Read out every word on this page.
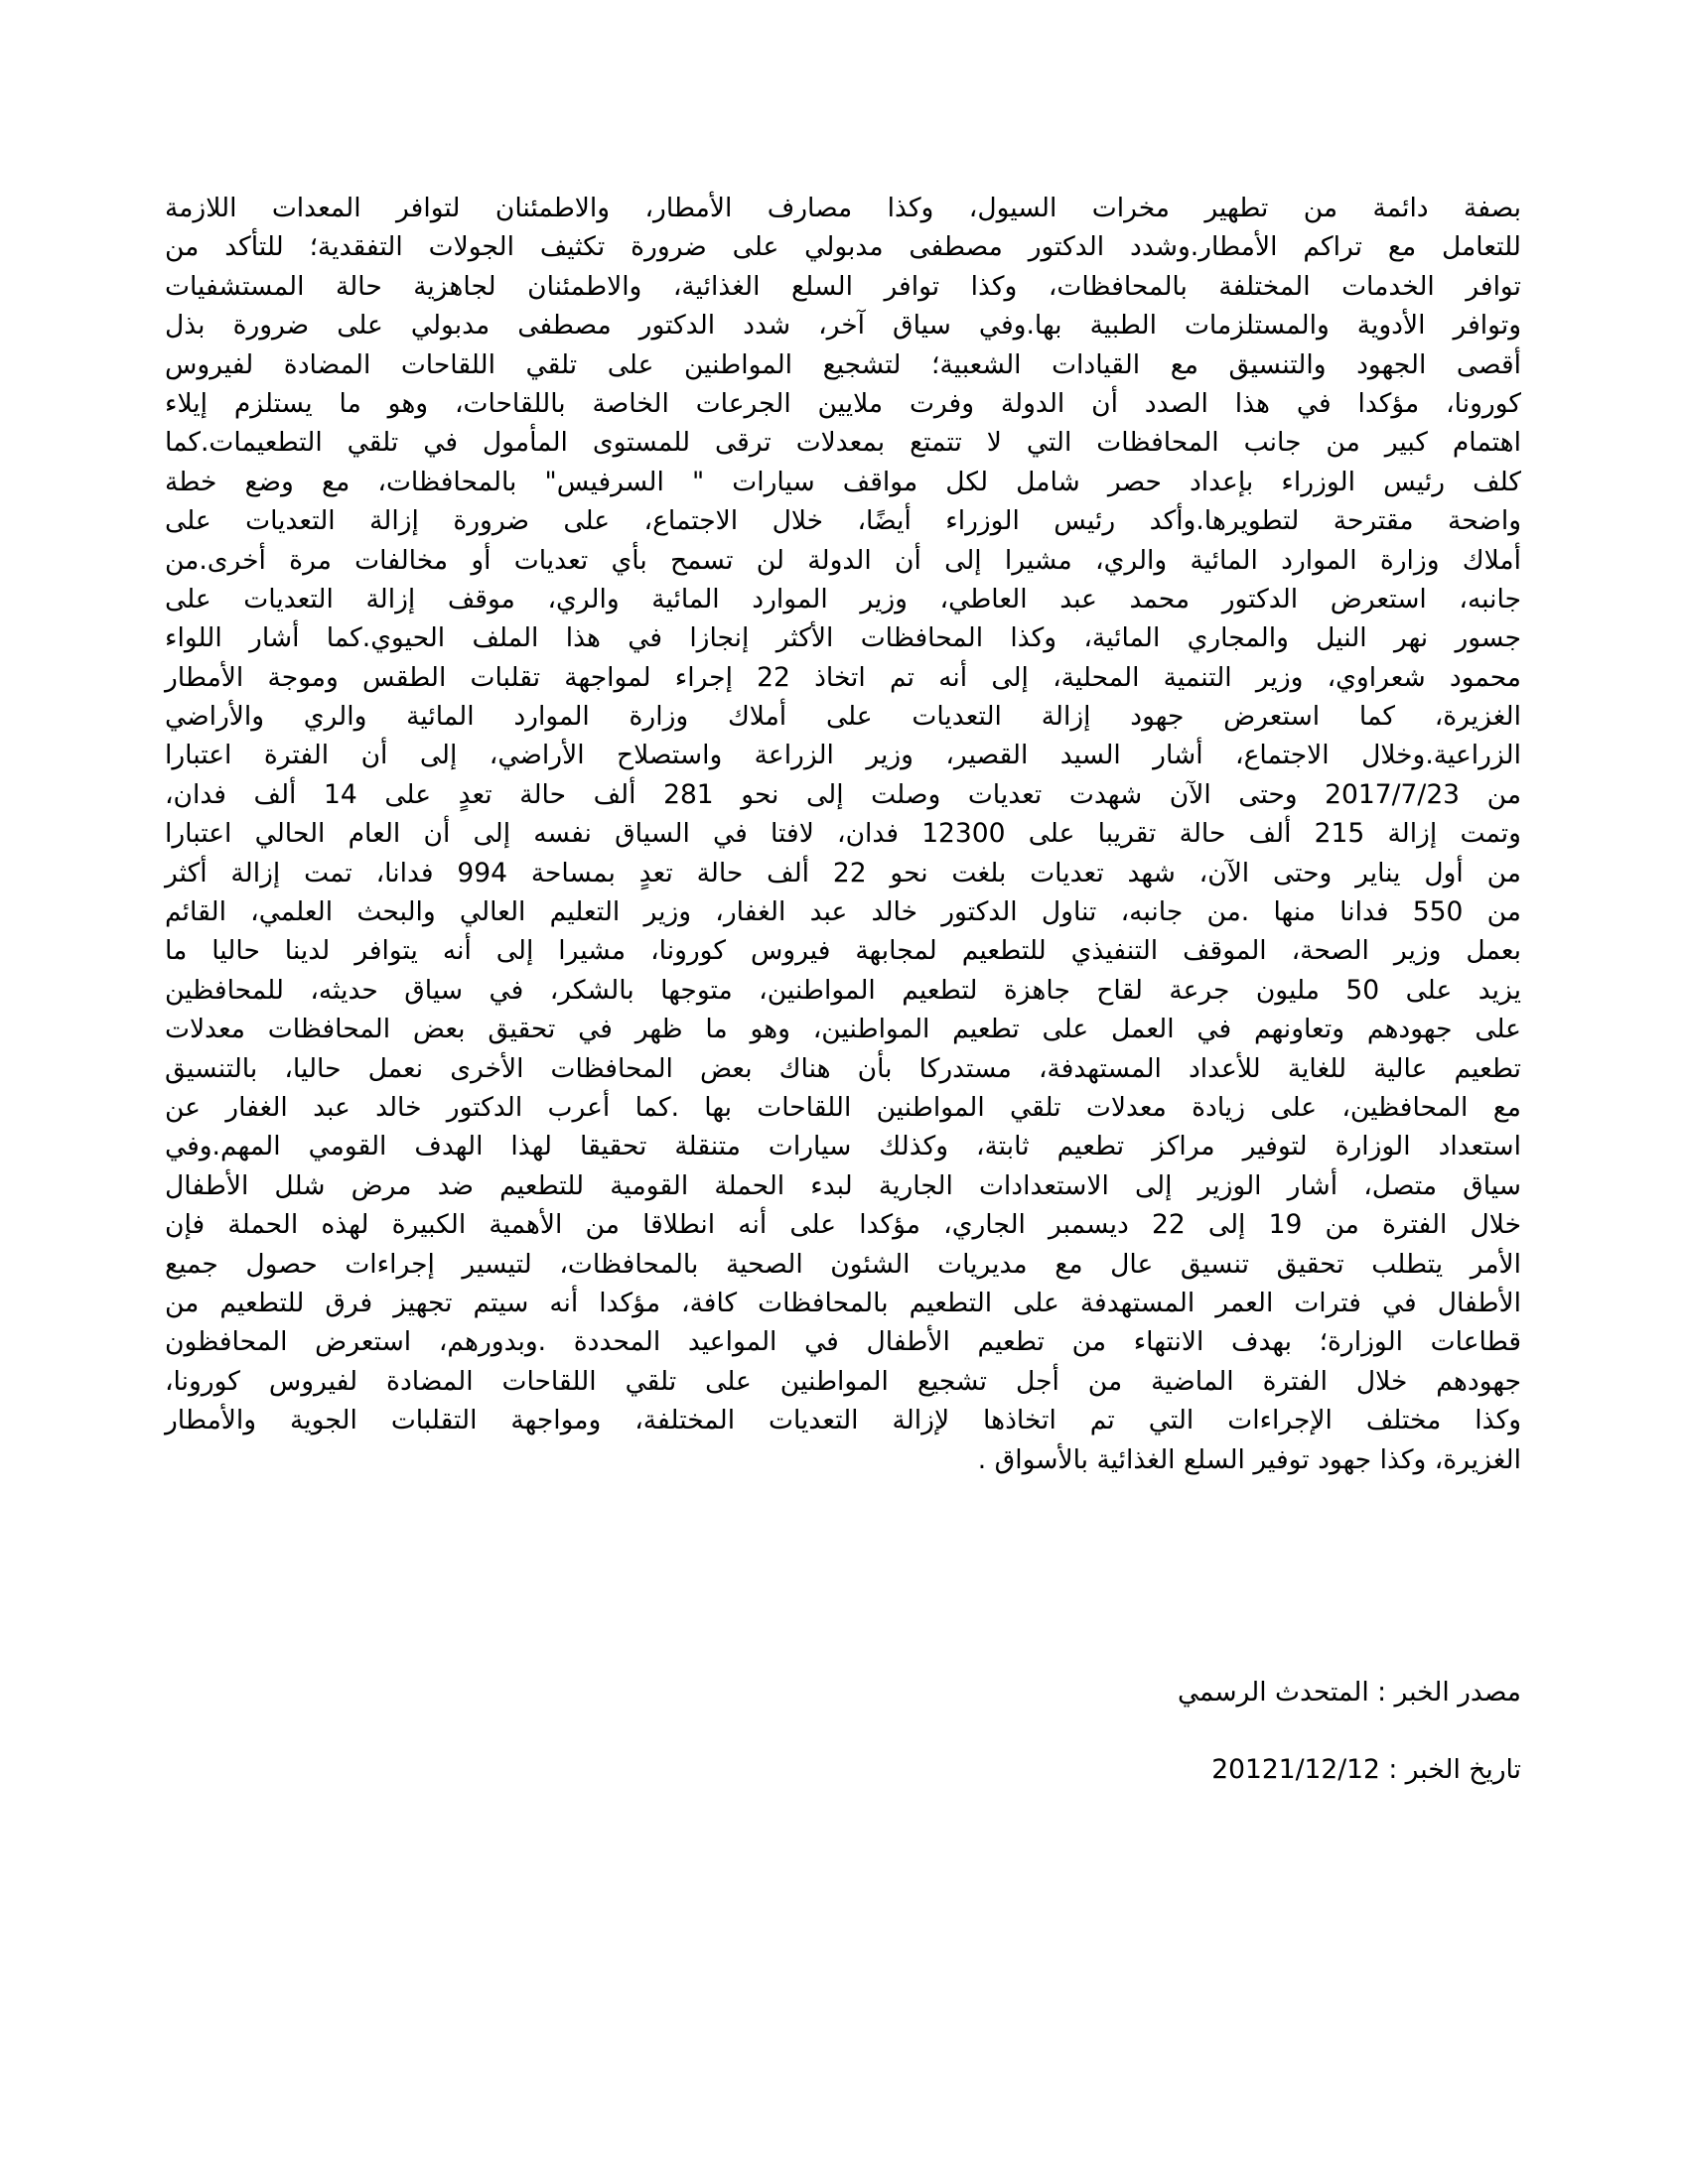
بصفة دائمة من تطهير مخرات السيول، وكذا مصارف الأمطار، والاطمئنان لتوافر المعدات اللازمة
للتعامل مع تراكم الأمطار.وشدد الدكتور مصطفى مدبولي على ضرورة تكثيف الجولات التفقدية؛ للتأكد من
توافر الخدمات المختلفة بالمحافظات، وكذا توافر السلع الغذائية، والاطمئنان لجاهزية حالة المستشفيات
وتوافر الأدوية والمستلزمات الطبية بها.وفي سياق آخر، شدد الدكتور مصطفى مدبولي على ضرورة بذل
أقصى الجهود والتنسيق مع القيادات الشعبية؛ لتشجيع المواطنين على تلقي اللقاحات المضادة لفيروس
كورونا، مؤكدا في هذا الصدد أن الدولة وفرت ملايين الجرعات الخاصة باللقاحات، وهو ما يستلزم إيلاء
اهتمام كبير من جانب المحافظات التي لا تتمتع بمعدلات ترقى للمستوى المأمول في تلقي التطعيمات.كما
كلف رئيس الوزراء بإعداد حصر شامل لكل مواقف سيارات " السرفيس" بالمحافظات، مع وضع خطة
واضحة مقترحة لتطويرها.وأكد رئيس الوزراء أيضًا، خلال الاجتماع، على ضرورة إزالة التعديات على
أملاك وزارة الموارد المائية والري، مشيرا إلى أن الدولة لن تسمح بأي تعديات أو مخالفات مرة أخرى.من
جانبه، استعرض الدكتور محمد عبد العاطي، وزير الموارد المائية والري، موقف إزالة التعديات على
جسور نهر النيل والمجاري المائية، وكذا المحافظات الأكثر إنجازا في هذا الملف الحيوي.كما أشار اللواء
محمود شعراوي، وزير التنمية المحلية، إلى أنه تم اتخاذ 22 إجراء لمواجهة تقلبات الطقس وموجة الأمطار
الغزيرة، كما استعرض جهود إزالة التعديات على أملاك وزارة الموارد المائية والري والأراضي
الزراعية.وخلال الاجتماع، أشار السيد القصير، وزير الزراعة واستصلاح الأراضي، إلى أن الفترة اعتبارا
من 2017/7/23 وحتى الآن شهدت تعديات وصلت إلى نحو 281 ألف حالة تعدٍ على 14 ألف فدان،
وتمت إزالة 215 ألف حالة تقريبا على 12300 فدان، لافتا في السياق نفسه إلى أن العام الحالي اعتبارا
من أول يناير وحتى الآن، شهد تعديات بلغت نحو 22 ألف حالة تعدٍ بمساحة 994 فدانا، تمت إزالة أكثر
من 550 فدانا منها .من جانبه، تناول الدكتور خالد عبد الغفار، وزير التعليم العالي والبحث العلمي، القائم
بعمل وزير الصحة، الموقف التنفيذي للتطعيم لمجابهة فيروس كورونا، مشيرا إلى أنه يتوافر لدينا حاليا ما
يزيد على 50 مليون جرعة لقاح جاهزة لتطعيم المواطنين، متوجها بالشكر، في سياق حديثه، للمحافظين
على جهودهم وتعاونهم في العمل على تطعيم المواطنين، وهو ما ظهر في تحقيق بعض المحافظات معدلات
تطعيم عالية للغاية للأعداد المستهدفة، مستدركا بأن هناك بعض المحافظات الأخرى نعمل حاليا، بالتنسيق
مع المحافظين، على زيادة معدلات تلقي المواطنين اللقاحات بها .كما أعرب الدكتور خالد عبد الغفار عن
استعداد الوزارة لتوفير مراكز تطعيم ثابتة، وكذلك سيارات متنقلة تحقيقا لهذا الهدف القومي المهم.وفي
سياق متصل، أشار الوزير إلى الاستعدادات الجارية لبدء الحملة القومية للتطعيم ضد مرض شلل الأطفال
خلال الفترة من 19 إلى 22 ديسمبر الجاري، مؤكدا على أنه انطلاقا من الأهمية الكبيرة لهذه الحملة فإن
الأمر يتطلب تحقيق تنسيق عال مع مديريات الشئون الصحية بالمحافظات، لتيسير إجراءات حصول جميع
الأطفال في فترات العمر المستهدفة على التطعيم بالمحافظات كافة، مؤكدا أنه سيتم تجهيز فرق للتطعيم من
قطاعات الوزارة؛ بهدف الانتهاء من تطعيم الأطفال في المواعيد المحددة .وبدورهم، استعرض المحافظون
جهودهم خلال الفترة الماضية من أجل تشجيع المواطنين على تلقي اللقاحات المضادة لفيروس كورونا،
وكذا مختلف الإجراءات التي تم اتخاذها لإزالة التعديات المختلفة، ومواجهة التقلبات الجوية والأمطار
الغزيرة، وكذا جهود توفير السلع الغذائية بالأسواق .
مصدر الخبر : المتحدث الرسمي
تاريخ الخبر : 20121/12/12
